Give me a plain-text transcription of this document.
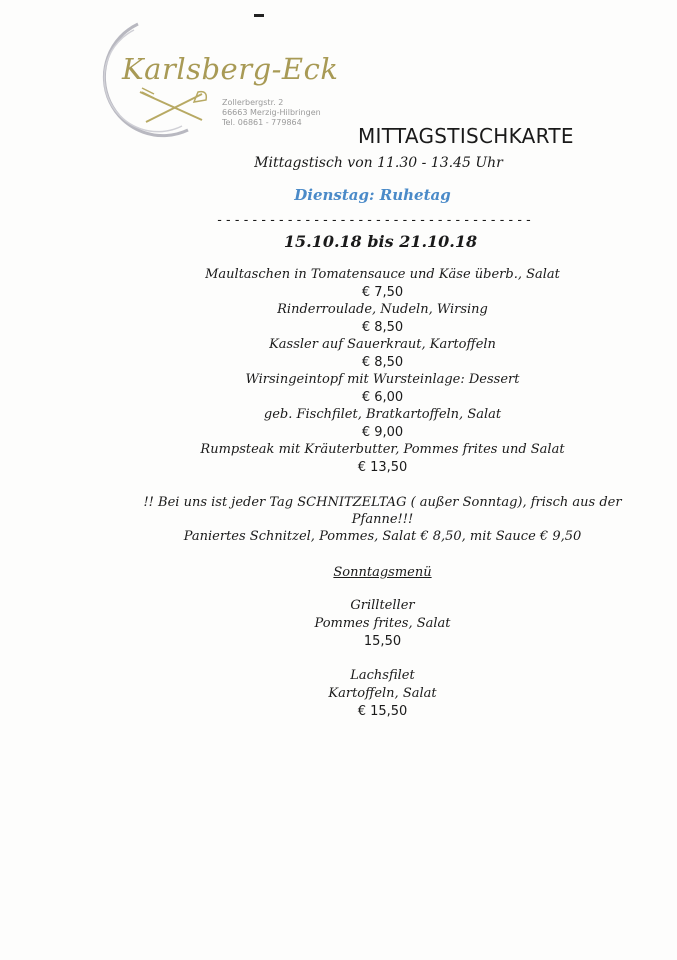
Karlsberg-Eck
Zollerbergstr. 2
66663 Merzig-Hilbringen
Tel. 06861 - 779864
MITTAGSTISCHKARTE
Mittagstisch von 11.30 - 13.45 Uhr
Dienstag: Ruhetag
------------------------------------
15.10.18 bis 21.10.18
Maultaschen in Tomatensauce und Käse überb., Salat
€ 7,50
Rinderroulade, Nudeln, Wirsing
€ 8,50
Kassler auf Sauerkraut, Kartoffeln
€ 8,50
Wirsingeintopf mit Wursteinlage: Dessert
€ 6,00
geb. Fischfilet, Bratkartoffeln, Salat
€ 9,00
Rumpsteak mit Kräuterbutter, Pommes frites und Salat
€ 13,50
!! Bei uns ist jeder Tag SCHNITZELTAG ( außer Sonntag), frisch aus der
Pfanne!!!
Paniertes Schnitzel, Pommes, Salat € 8,50, mit Sauce € 9,50
Sonntagsmenü
Grillteller
Pommes frites, Salat
15,50
Lachsfilet
Kartoffeln, Salat
€ 15,50
